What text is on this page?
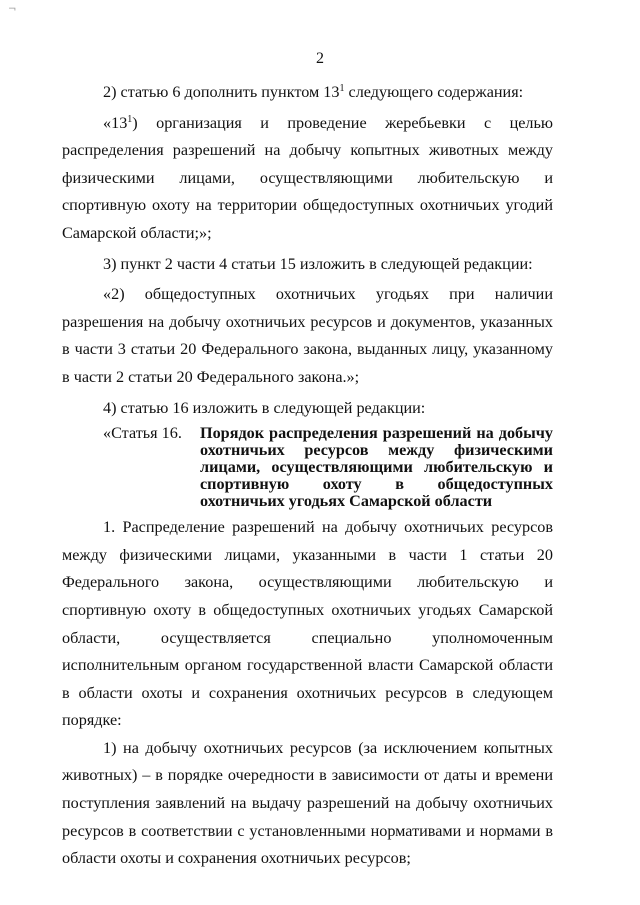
¬
2

2) статью 6 дополнить пунктом $13^1$ следующего содержания:

«$13^1$) организация и проведение жеребьевки с целью распределения разрешений на добычу копытных животных между физическими лицами, осуществляющими любительскую и спортивную охоту на территории общедоступных охотничьих угодий Самарской области;»;

3) пункт 2 части 4 статьи 15 изложить в следующей редакции:

«2) общедоступных охотничьих угодьях при наличии разрешения на добычу охотничьих ресурсов и документов, указанных в части 3 статьи 20 Федерального закона, выданных лицу, указанному в части 2 статьи 20 Федерального закона.»;

4) статью 16 изложить в следующей редакции:

«Статья 16.	Порядок распределения разрешений на добычу охотничьих ресурсов между физическими лицами, осуществляющими любительскую и спортивную охоту в общедоступных охотничьих угодьях Самарской области

1. Распределение разрешений на добычу охотничьих ресурсов между физическими лицами, указанными в части 1 статьи 20 Федерального закона, осуществляющими любительскую и спортивную охоту в общедоступных охотничьих угодьях Самарской области, осуществляется специально уполномоченным исполнительным органом государственной власти Самарской области в области охоты и сохранения охотничьих ресурсов в следующем порядке:

1) на добычу охотничьих ресурсов (за исключением копытных животных) – в порядке очередности в зависимости от даты и времени поступления заявлений на выдачу разрешений на добычу охотничьих ресурсов в соответствии с установленными нормативами и нормами в области охоты и сохранения охотничьих ресурсов;
